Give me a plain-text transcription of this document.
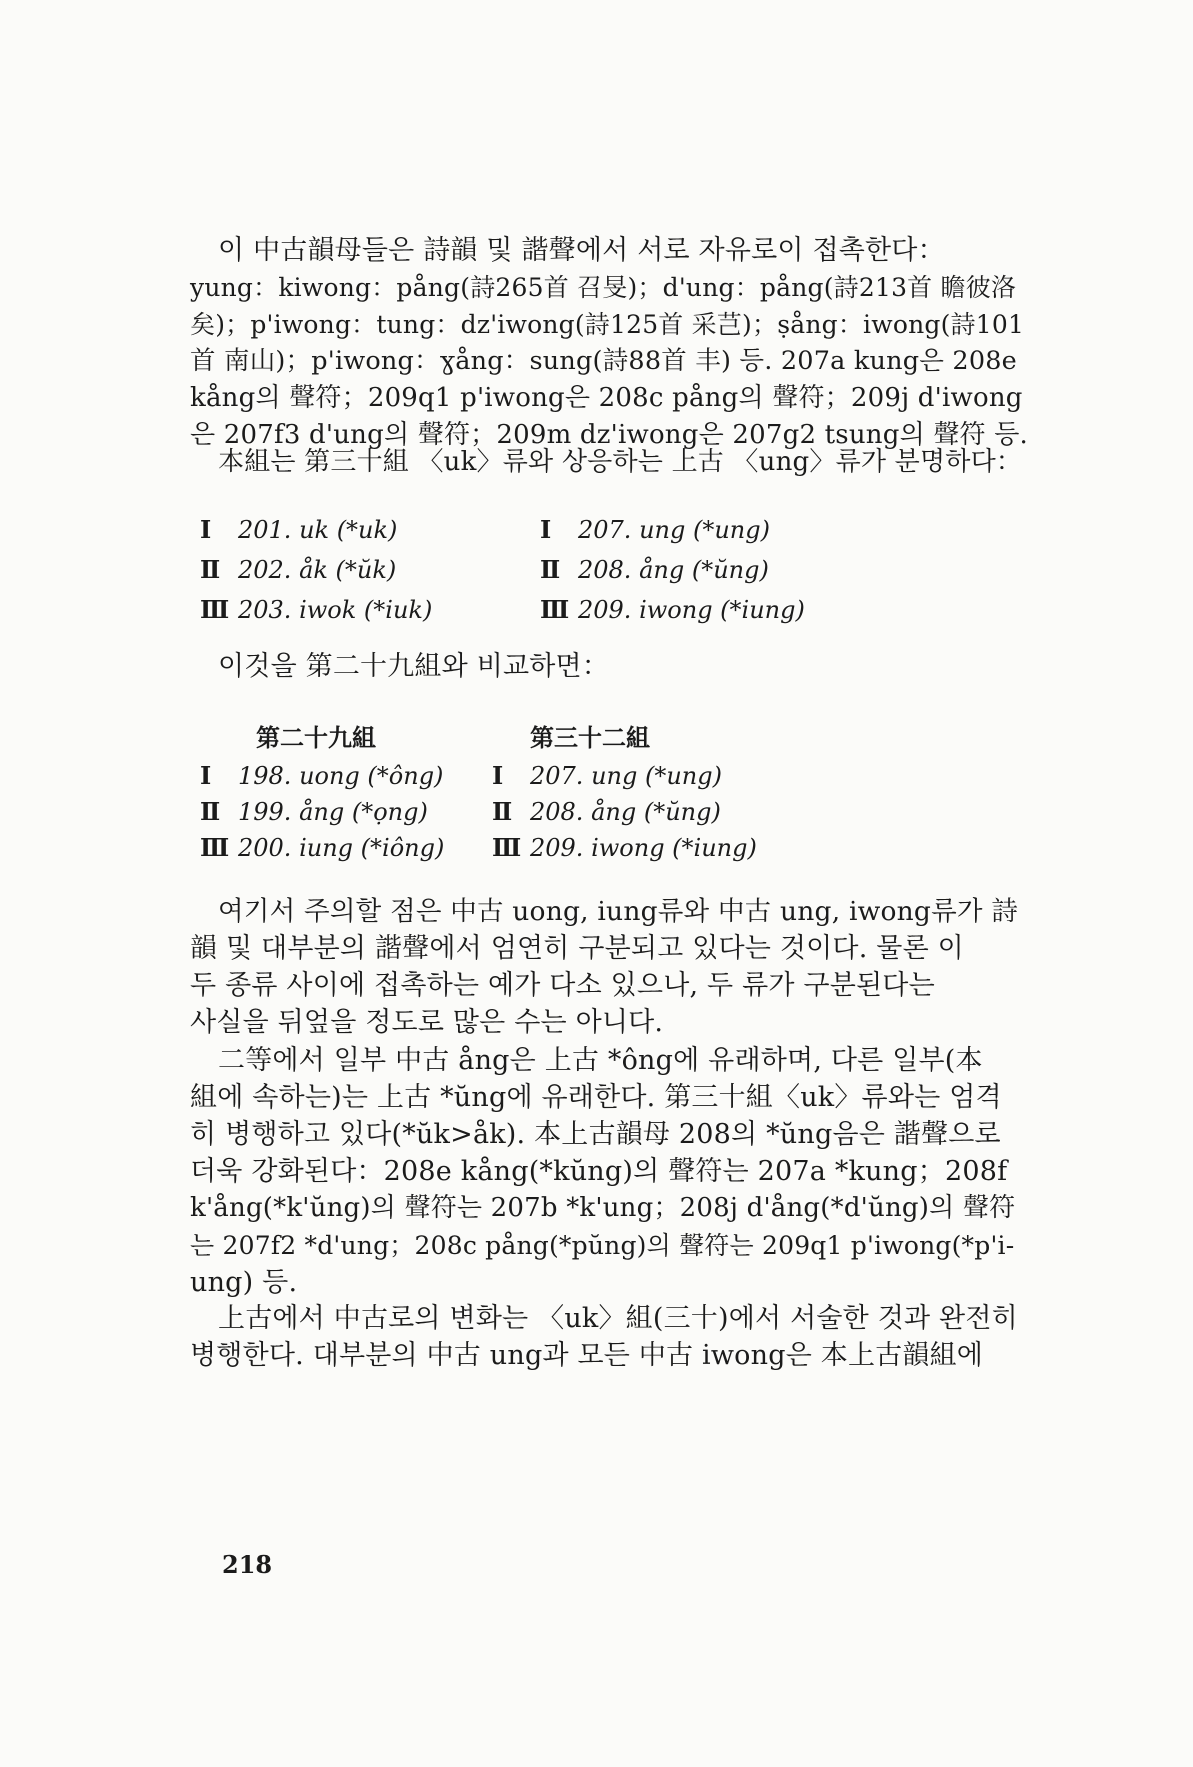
이 中古韻母들은 詩韻 및 諧聲에서 서로 자유로이 접촉한다：
yung：kiwong：pång(詩265首 召旻)；d'ung：pång(詩213首 瞻彼洛
矣)；p'iwong：tung：dz'iwong(詩125首 采芑)；ṣång：iwong(詩101
首 南山)；p'iwong：ɣång：sung(詩88首 丰) 등. 207a kung은 208e
kång의 聲符；209q1 p'iwong은 208c pång의 聲符；209j d'iwong
은 207f3 d'ung의 聲符；209m dz'iwong은 207g2 tsung의 聲符 등.
本組는 第三十組 〈uk〉류와 상응하는 上古 〈ung〉류가 분명하다：
Ⅰ 201. uk (*uk)
Ⅱ 202. åk (*ŭk)
Ⅲ 203. iwok (*iuk)
Ⅰ 207. ung (*ung)
Ⅱ 208. ång (*ŭng)
Ⅲ 209. iwong (*iung)
이것을 第二十九組와 비교하면：
第二十九組
Ⅰ 198. uong (*ông)
Ⅱ 199. ång (*ọng)
Ⅲ 200. iung (*iông)
第三十二組
Ⅰ 207. ung (*ung)
Ⅱ 208. ång (*ŭng)
Ⅲ 209. iwong (*iung)
여기서 주의할 점은 中古 uong, iung류와 中古 ung, iwong류가 詩
韻 및 대부분의 諧聲에서 엄연히 구분되고 있다는 것이다. 물론 이
두 종류 사이에 접촉하는 예가 다소 있으나, 두 류가 구분된다는
사실을 뒤엎을 정도로 많은 수는 아니다.
二等에서 일부 中古 ång은 上古 *ông에 유래하며, 다른 일부(本
組에 속하는)는 上古 *ŭng에 유래한다. 第三十組〈uk〉류와는 엄격
히 병행하고 있다(*ŭk>åk). 本上古韻母 208의 *ŭng음은 諧聲으로
더욱 강화된다：208e kång(*kŭng)의 聲符는 207a *kung；208f
k'ång(*k'ŭng)의 聲符는 207b *k'ung；208j d'ång(*d'ŭng)의 聲符
는 207f2 *d'ung；208c pång(*pŭng)의 聲符는 209q1 p'iwong(*p'i-
ung) 등.
上古에서 中古로의 변화는 〈uk〉組(三十)에서 서술한 것과 완전히
병행한다. 대부분의 中古 ung과 모든 中古 iwong은 本上古韻組에
218
